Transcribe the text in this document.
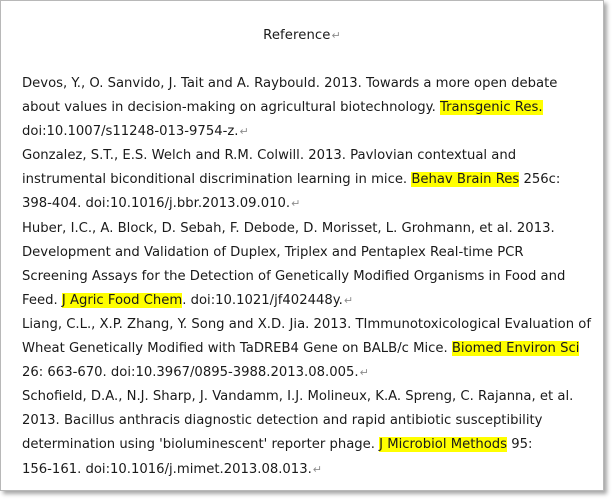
Reference↵
Devos, Y., O. Sanvido, J. Tait and A. Raybould. 2013. Towards a more open debate
about values in decision-making on agricultural biotechnology. Transgenic Res.
doi:10.1007/s11248-013-9754-z.↵
Gonzalez, S.T., E.S. Welch and R.M. Colwill. 2013. Pavlovian contextual and
instrumental biconditional discrimination learning in mice. Behav Brain Res 256c:
398-404. doi:10.1016/j.bbr.2013.09.010.↵
Huber, I.C., A. Block, D. Sebah, F. Debode, D. Morisset, L. Grohmann, et al. 2013.
Development and Validation of Duplex, Triplex and Pentaplex Real-time PCR
Screening Assays for the Detection of Genetically Modified Organisms in Food and
Feed. J Agric Food Chem. doi:10.1021/jf402448y.↵
Liang, C.L., X.P. Zhang, Y. Song and X.D. Jia. 2013. TImmunotoxicological Evaluation of
Wheat Genetically Modified with TaDREB4 Gene on BALB/c Mice. Biomed Environ Sci
26: 663-670. doi:10.3967/0895-3988.2013.08.005.↵
Schofield, D.A., N.J. Sharp, J. Vandamm, I.J. Molineux, K.A. Spreng, C. Rajanna, et al.
2013. Bacillus anthracis diagnostic detection and rapid antibiotic susceptibility
determination using 'bioluminescent' reporter phage. J Microbiol Methods 95:
156-161. doi:10.1016/j.mimet.2013.08.013.↵
